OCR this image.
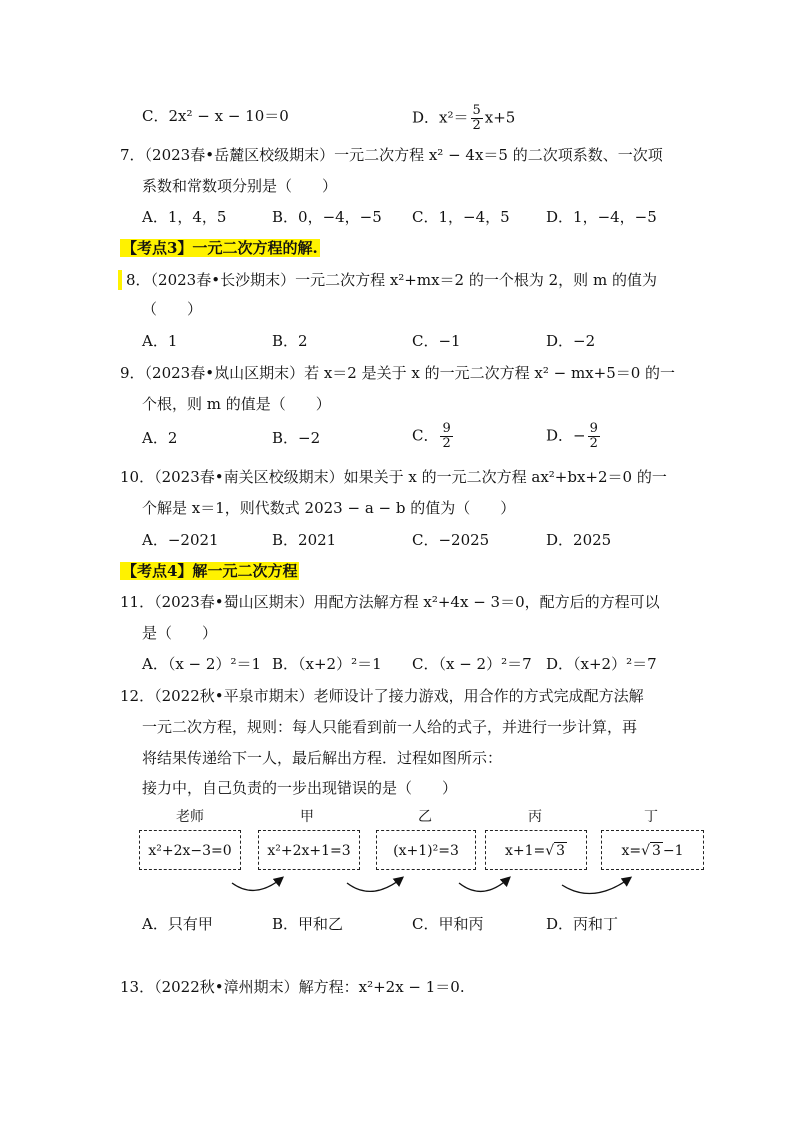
C．2x² − x − 10＝0	D．$x^2= \frac{5}{2} x+5$
7．（2023春•岳麓区校级期末）一元二次方程 x² − 4x＝5 的二次项系数、一次项
系数和常数项分别是（　　）
A．1，4，5	B．0，−4，−5 C．1，−4，5 D．1，−4，−5
【考点3】一元二次方程的解.
8．（2023春•长沙期末）一元二次方程 x²+mx＝2 的一个根为 2，则 m 的值为
（　　）
A．1	B．2	C．−1	D．−2
9．（2023春•岚山区期末）若 x＝2 是关于 x 的一元二次方程 x² − mx+5＝0 的一
个根，则 m 的值是（　　）
A．2	B．−2	C． $\frac{9}{2}$	D．− $\frac{9}{2}$
10．（2023春•南关区校级期末）如果关于 x 的一元二次方程 ax²+bx+2＝0 的一
个解是 x＝1，则代数式 2023 − a − b 的值为（　　）
A．−2021	B．2021	C．−2025	D．2025
【考点4】解一元二次方程
11．（2023春•蜀山区期末）用配方法解方程 x²+4x − 3＝0，配方后的方程可以
是（　　）
A．（x − 2）²＝1 B．（x+2）²＝1 C．（x − 2）²＝7 D．（x+2）²＝7
12．（2022秋•平泉市期末）老师设计了接力游戏，用合作的方式完成配方法解
一元二次方程，规则：每人只能看到前一人给的式子，并进行一步计算，再
将结果传递给下一人，最后解出方程．过程如图所示：
接力中，自己负责的一步出现错误的是（　　）
老师	甲	乙	丙	丁
x²+2x−3=0	x²+2x+1=3	(x+1)²=3	x+1=√ 3	x=√ 3 −1
A．只有甲	B．甲和乙	C．甲和丙	D．丙和丁
13．（2022秋•漳州期末）解方程：x²+2x − 1＝0.
